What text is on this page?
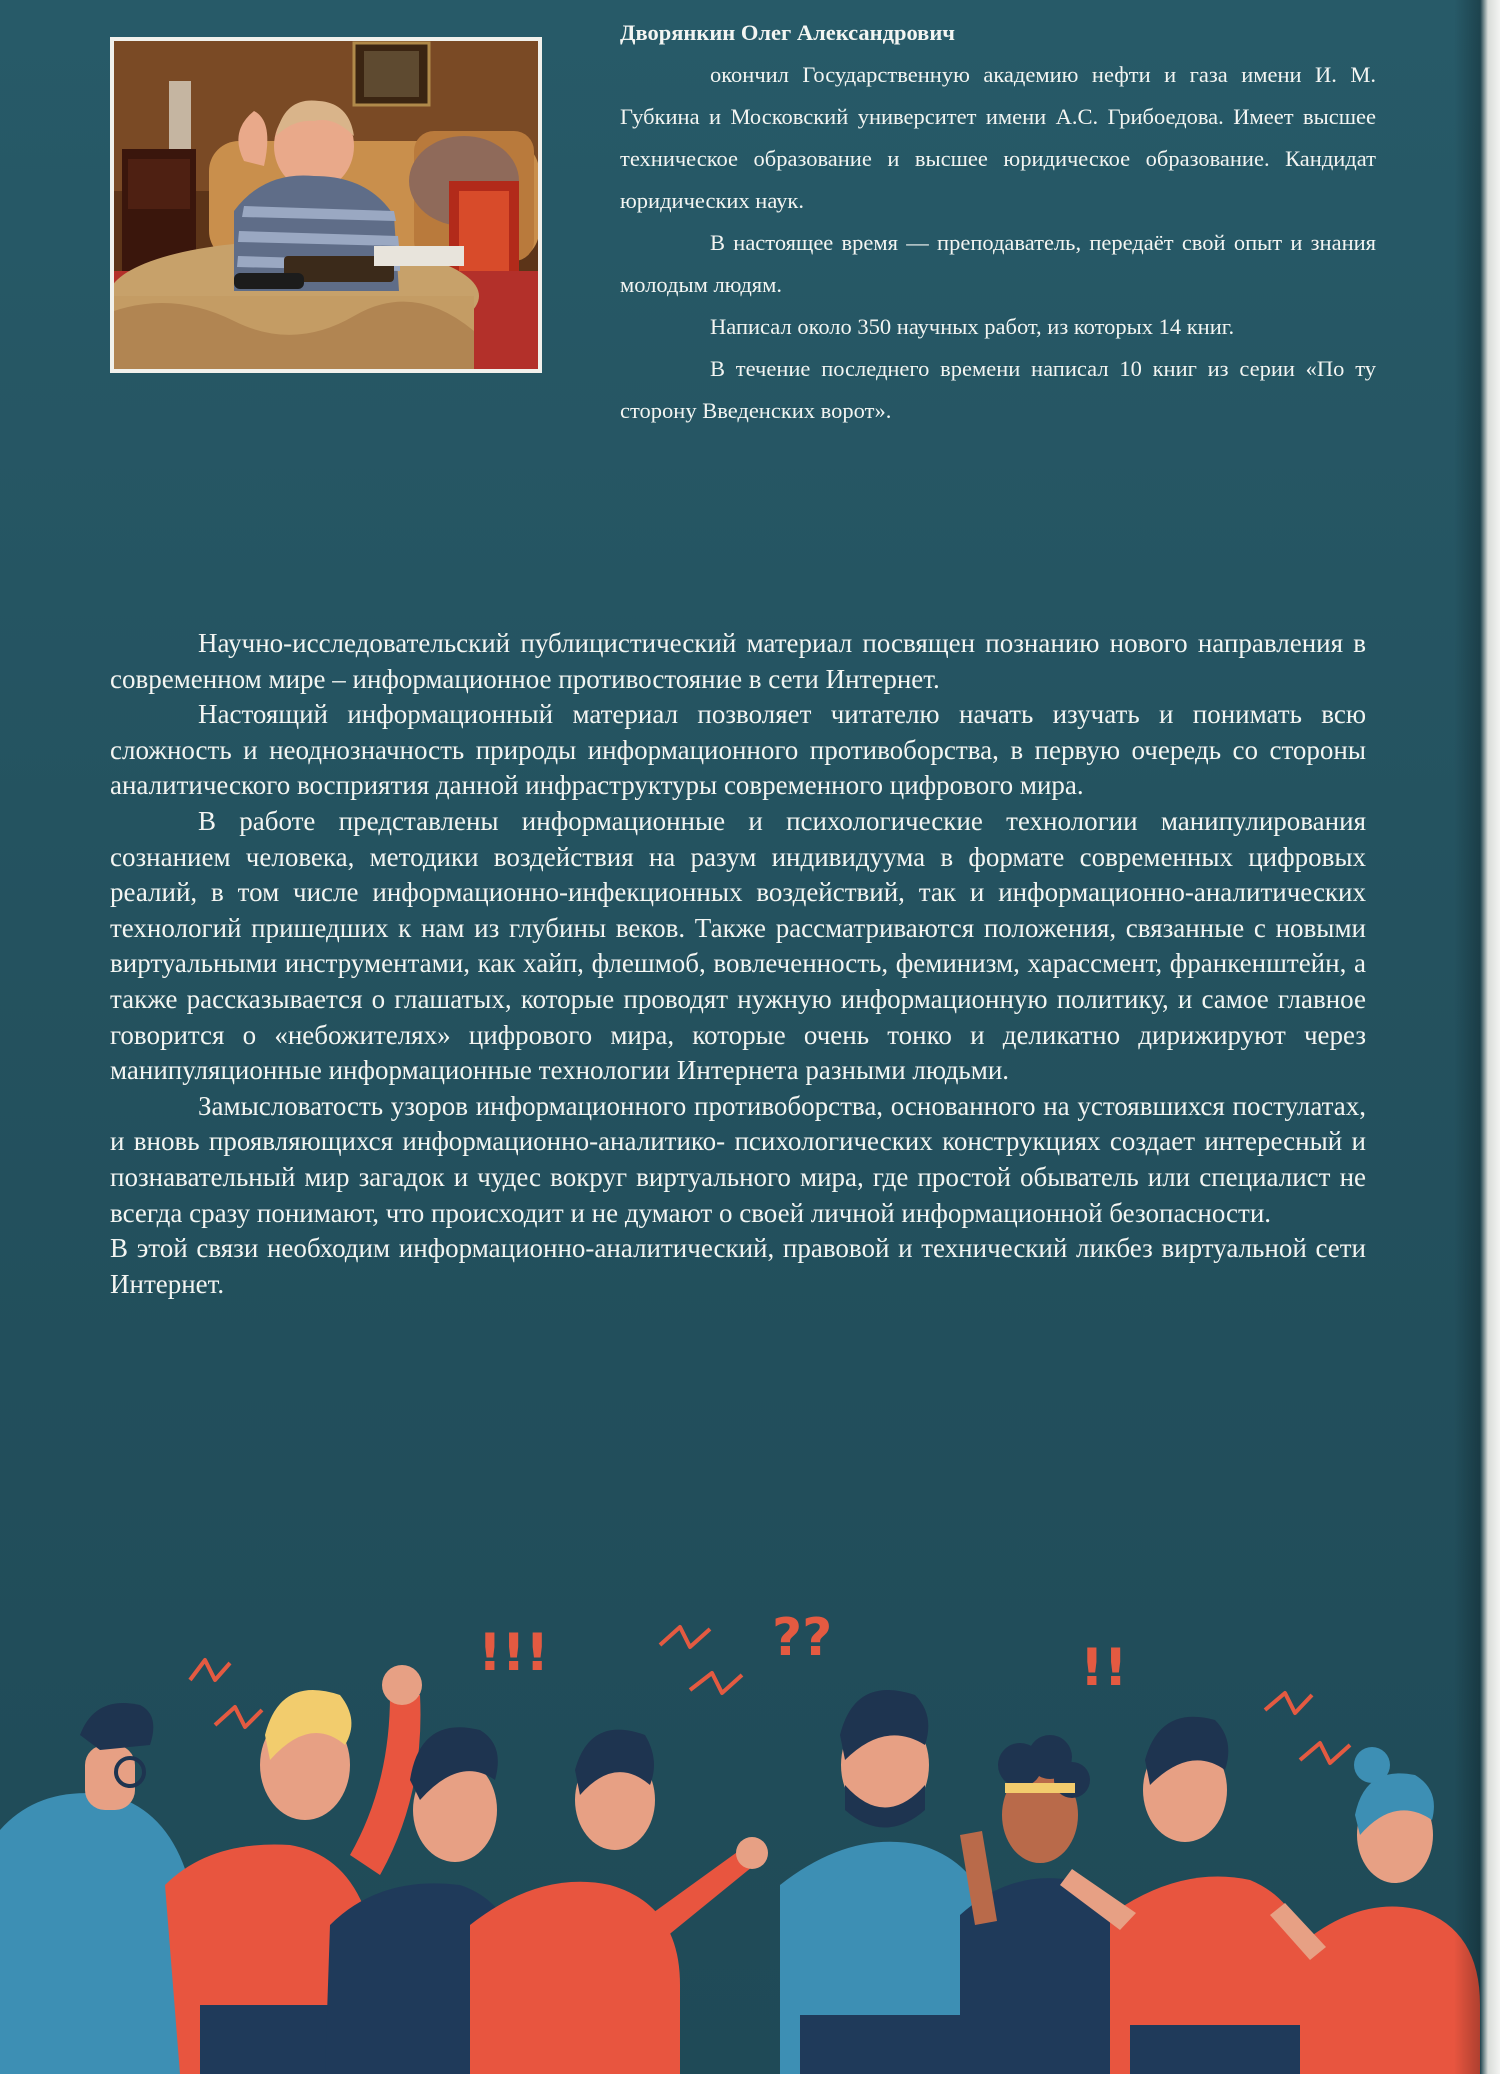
Дворянкин Олег Александрович

окончил Государственную академию нефти и газа имени И. М. Губкина и Московский университет имени А.С. Грибоедова. Имеет высшее техническое образование и высшее юридическое образование. Кандидат юридических наук.

В настоящее время — преподаватель, передаёт свой опыт и знания молодым людям.

Написал около 350 научных работ, из которых 14 книг.

В течение последнего времени написал 10 книг из серии «По ту сторону Введенских ворот».

Научно-исследовательский публицистический материал посвящен познанию нового направления в современном мире – информационное противостояние в сети Интернет.

Настоящий информационный материал позволяет читателю начать изучать и понимать всю сложность и неоднозначность природы информационного противоборства, в первую очередь со стороны аналитического восприятия данной инфраструктуры современного цифрового мира.

В работе представлены информационные и психологические технологии манипулирования сознанием человека, методики воздействия на разум индивидуума в формате современных цифровых реалий, в том числе информационно-инфекционных воздействий, так и информационно-аналитических технологий пришедших к нам из глубины веков. Также рассматриваются положения, связанные с новыми виртуальными инструментами, как хайп, флешмоб, вовлеченность, феминизм, харассмент, франкенштейн, а также рассказывается о глашатых, которые проводят нужную информационную политику, и самое главное говорится о «небожителях» цифрового мира, которые очень тонко и деликатно дирижируют через манипуляционные информационные технологии Интернета разными людьми.

Замысловатость узоров информационного противоборства, основанного на устоявшихся постулатах, и вновь проявляющихся информационно-аналитико- психологических конструкциях создает интересный и познавательный мир загадок и чудес вокруг виртуального мира, где простой обыватель или специалист не всегда сразу понимают, что происходит и не думают о своей личной информационной безопасности.

В этой связи необходим информационно-аналитический, правовой и технический ликбез виртуальной сети Интернет.

!!!	??	!!
